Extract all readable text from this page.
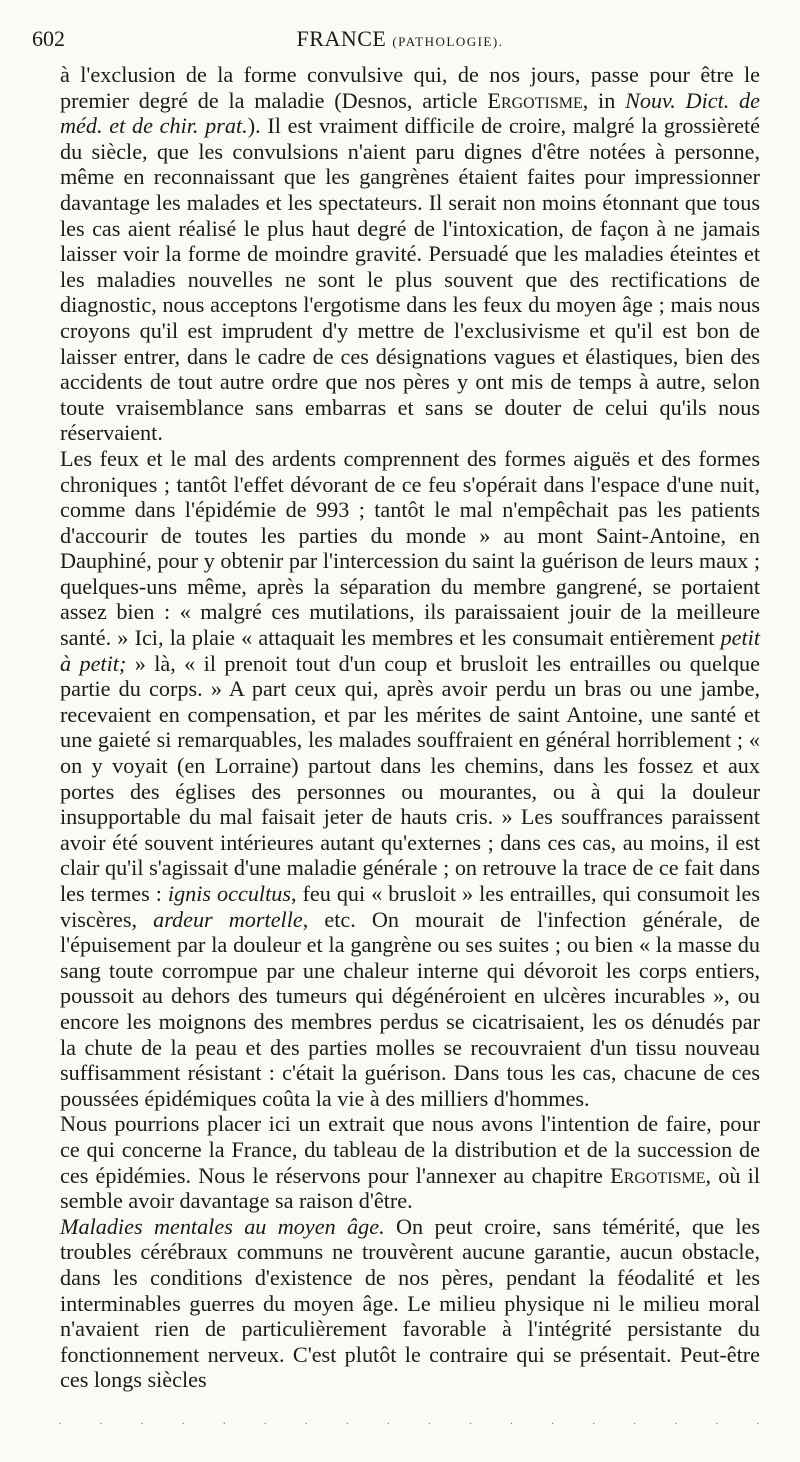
602	FRANCE (PATHOLOGIE).

à l'exclusion de la forme convulsive qui, de nos jours, passe pour être le premier degré de la maladie (Desnos, article Ergotisme, in Nouv. Dict. de méd. et de chir. prat.). Il est vraiment difficile de croire, malgré la grossièreté du siècle, que les convulsions n'aient paru dignes d'être notées à personne, même en reconnaissant que les gangrènes étaient faites pour impressionner davantage les malades et les spectateurs. Il serait non moins étonnant que tous les cas aient réalisé le plus haut degré de l'intoxication, de façon à ne jamais laisser voir la forme de moindre gravité. Persuadé que les maladies éteintes et les maladies nouvelles ne sont le plus souvent que des rectifications de diagnostic, nous acceptons l'ergotisme dans les feux du moyen âge ; mais nous croyons qu'il est imprudent d'y mettre de l'exclusivisme et qu'il est bon de laisser entrer, dans le cadre de ces désignations vagues et élastiques, bien des accidents de tout autre ordre que nos pères y ont mis de temps à autre, selon toute vraisemblance sans embarras et sans se douter de celui qu'ils nous réservaient.

Les feux et le mal des ardents comprennent des formes aiguës et des formes chroniques ; tantôt l'effet dévorant de ce feu s'opérait dans l'espace d'une nuit, comme dans l'épidémie de 993 ; tantôt le mal n'empêchait pas les patients d'accourir de toutes les parties du monde » au mont Saint-Antoine, en Dauphiné, pour y obtenir par l'intercession du saint la guérison de leurs maux ; quelques-uns même, après la séparation du membre gangrené, se portaient assez bien : « malgré ces mutilations, ils paraissaient jouir de la meilleure santé. » Ici, la plaie « attaquait les membres et les consumait entièrement petit à petit; » là, « il prenoit tout d'un coup et brusloit les entrailles ou quelque partie du corps. » A part ceux qui, après avoir perdu un bras ou une jambe, recevaient en compensation, et par les mérites de saint Antoine, une santé et une gaieté si remarquables, les malades souffraient en général horriblement ; « on y voyait (en Lorraine) partout dans les chemins, dans les fossez et aux portes des églises des personnes ou mourantes, ou à qui la douleur insupportable du mal faisait jeter de hauts cris. » Les souffrances paraissent avoir été souvent intérieures autant qu'externes ; dans ces cas, au moins, il est clair qu'il s'agissait d'une maladie générale ; on retrouve la trace de ce fait dans les termes : ignis occultus, feu qui « brusloit » les entrailles, qui consumoit les viscères, ardeur mortelle, etc. On mourait de l'infection générale, de l'épuisement par la douleur et la gangrène ou ses suites ; ou bien « la masse du sang toute corrompue par une chaleur interne qui dévoroit les corps entiers, poussoit au dehors des tumeurs qui dégénéroient en ulcères incurables », ou encore les moignons des membres perdus se cicatrisaient, les os dénudés par la chute de la peau et des parties molles se recouvraient d'un tissu nouveau suffisamment résistant : c'était la guérison. Dans tous les cas, chacune de ces poussées épidémiques coûta la vie à des milliers d'hommes.

Nous pourrions placer ici un extrait que nous avons l'intention de faire, pour ce qui concerne la France, du tableau de la distribution et de la succession de ces épidémies. Nous le réservons pour l'annexer au chapitre Ergotisme, où il semble avoir davantage sa raison d'être.

Maladies mentales au moyen âge. On peut croire, sans témérité, que les troubles cérébraux communs ne trouvèrent aucune garantie, aucun obstacle, dans les conditions d'existence de nos pères, pendant la féodalité et les interminables guerres du moyen âge. Le milieu physique ni le milieu moral n'avaient rien de particulièrement favorable à l'intégrité persistante du fonctionnement nerveux. C'est plutôt le contraire qui se présentait. Peut-être ces longs siècles

·	·	·	·	·	·	·	·	·	·	·	·	·	·	·	·	·	·
